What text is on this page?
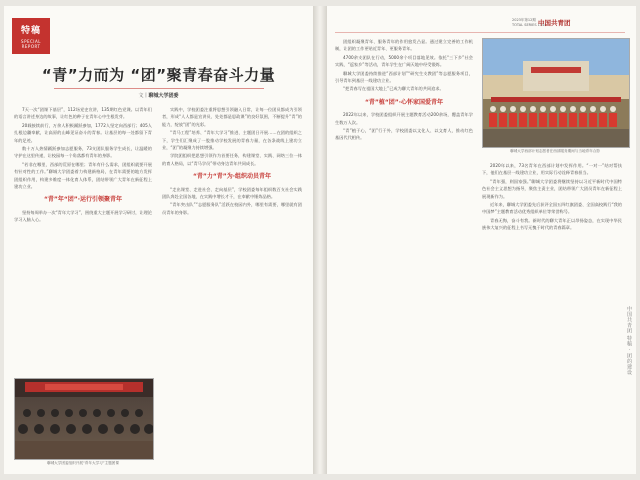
特稿
SPECIAL REPORT
“青”力而为 “团”聚青春奋斗力量
文丨聊城大学团委

7天一次“团课下基层”，112场党史宣讲，135期红色党课。以青年们的语言讲述身边的故事，让红色的种子在青年心中生根发芽。

20载接续前行，万余人积极踊跃参加，1772人坚定向西部行；405人扎根边疆奉献，让高原的山峰见证奋斗的青春。让基层的每一处都留下青年的足迹。

数十万人热情踊跃参加志愿服务，73支团队服务学生成长，让温暖的守护在这里传递，让校园每一个角落都有青年的身影。

“若非在哪里，西部的荒原在哪里；青年有什么需求，团组织就要开展有针对性的工作。”聊城大学团委着力构建新格局，在青年需要的地方发挥团组织作用，构建多维度一体化育人体系，团结带领广大青年在新征程上建功立业。

“青”年“团”·运行引领聚青年

坚持每周举办一次“青年大学习”，围绕重大主题开展学习研讨，让理论学习入脑入心。

聊城大学团委组织开展“青年大学习”主题团课

实践中，学校团委注重将思想引领融入日常，让每一位团员都成为引领者，形成“人人都是宣讲员、处处都是思政课”的良好氛围，不断提升“青”的能力，绽放“团”的光彩。

“青马工程”培养、“青年大学习”推进、主题团日开展……在团的组织之下，学生们汇聚成了一股推动学校发展的青春力量，在各条战线上建功立业，“团”的凝聚力持续增强。

学院团组织把思想引领作为首要任务，构建课堂、实践、网络三位一体的育人格局，以“青马学员”带动身边青年共同成长。

“青”力“青”为·组织动员青年

“走出课堂、走进社会、走向基层”，学校团委每年组织数百支社会实践团队奔赴全国各地，在实践中增长才干，在奉献中锤炼品格。

“青年突击队”“志愿服务队”活跃在校园内外，哪里有需要，哪里就有团员青年的身影。

2023年第12期
TOTAL SERIES 1344
中国共青团

团组织凝聚青年、服务青年的作用愈发凸显。通过建立完善的工作机制，让团的工作更贴近青年、更服务青年。

4700余支团队在行动，5000余个项目落地见效。依托“三下乡”社会实践、“返家乡”等活动，青年学生在广阔天地中经受锻炼。

聊城大学团委持续推进“西部计划”“研究生支教团”等志愿服务项目，引导青年到基层一线建功立业。

“把青春写在祖国大地上”已成为聊大青年的共同追求。

“青”植“团”·心怀家国爱青年

2022年以来，学校团委组织开展主题教育活动200余场，覆盖青年学生数万人次。

“青”植于心，“团”行于外，学校团委以文化人、以文育人，推动红色基因代代相传。

聊城大学西部计划志愿者在西部服务期间与当地青年合影

2020年以来，73名青年在西部计划中发挥作用。“一对一”结对帮扶下，他们在基层一线建功立业，用实际行动诠释青春担当。

“青年强，则国家强。”聊城大学团委将继续坚持以习近平新时代中国特色社会主义思想为指导，聚焦主责主业，团结带领广大团员青年在新征程上展现新作为。

近年来，聊城大学团委先后获评全国五四红旗团委、全国高校践行“我的中国梦”主题教育活动优秀组织单位等荣誉称号。

青春无悔，奋斗有我。新时代的聊大青年正以昂扬姿态，在实现中华民族伟大复兴的征程上书写无愧于时代的青春篇章。

中国共青团 特稿 · 团的建设
